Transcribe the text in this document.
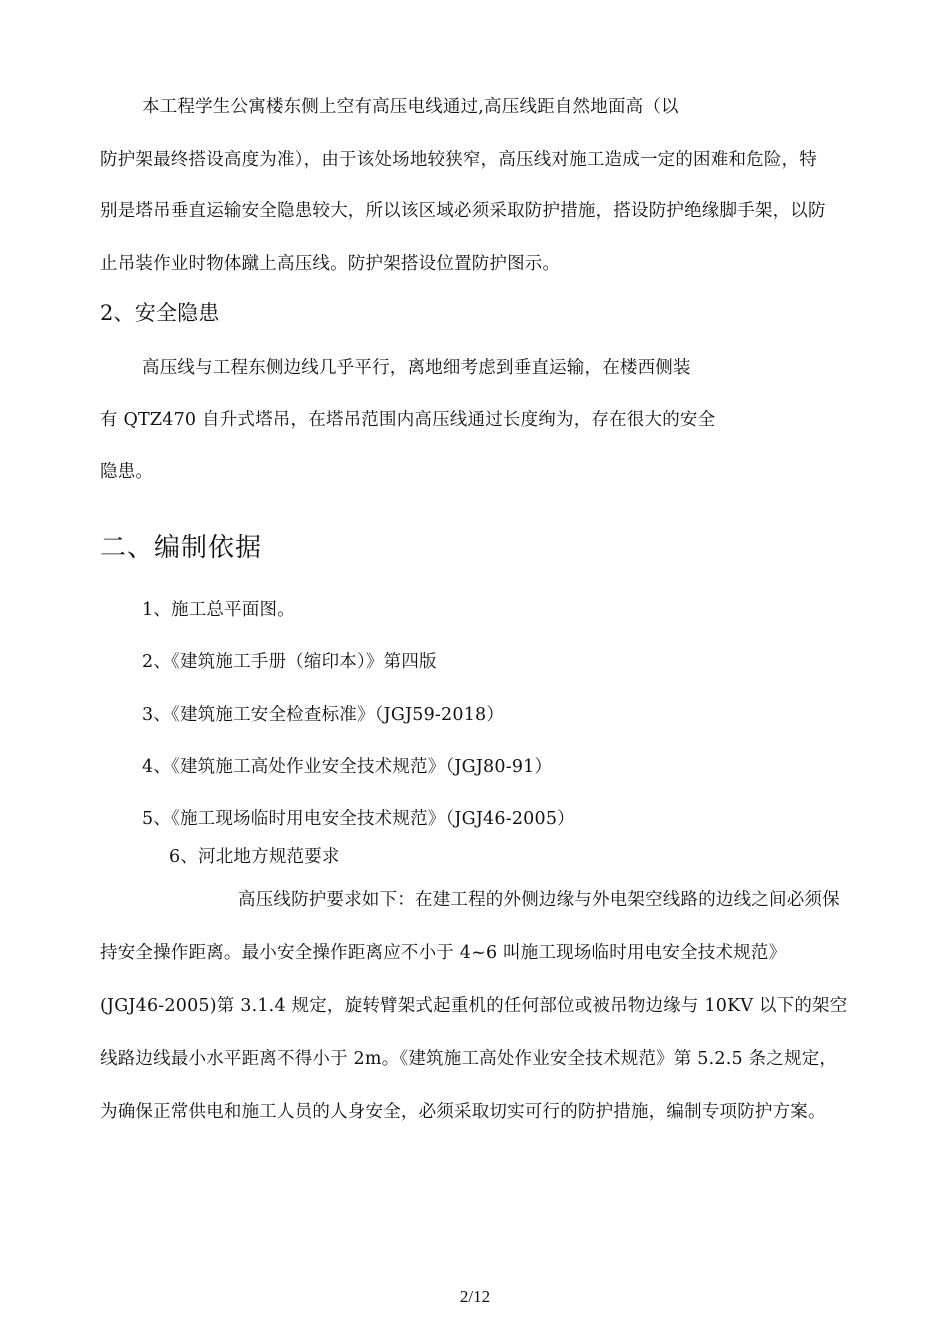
本工程学生公寓楼东侧上空有高压电线通过,高压线距自然地面高（以
防护架最终搭设高度为准），由于该处场地较狭窄，高压线对施工造成一定的困难和危险，特
别是塔吊垂直运输安全隐患较大，所以该区域必须采取防护措施，搭设防护绝缘脚手架，以防
止吊装作业时物体蹴上高压线。防护架搭设位置防护图示。
2、安全隐患
高压线与工程东侧边线几乎平行，离地细考虑到垂直运输，在楼西侧装
有 QTZ470 自升式塔吊，在塔吊范围内高压线通过长度绚为，存在很大的安全
隐患。
二、编制依据
1、施工总平面图。
2、《建筑施工手册（缩印本）》第四版
3、《建筑施工安全检查标准》（JGJ59-2018）
4、《建筑施工高处作业安全技术规范》（JGJ80-91）
5、《施工现场临时用电安全技术规范》（JGJ46-2005）
6、河北地方规范要求
高压线防护要求如下：在建工程的外侧边缘与外电架空线路的边线之间必须保
持安全操作距离。最小安全操作距离应不小于 4~6 叫施工现场临时用电安全技术规范》
(JGJ46-2005)第 3.1.4 规定，旋转臂架式起重机的任何部位或被吊物边缘与 10KV 以下的架空
线路边线最小水平距离不得小于 2m。《建筑施工高处作业安全技术规范》第 5.2.5 条之规定，
为确保正常供电和施工人员的人身安全，必须采取切实可行的防护措施，编制专项防护方案。
2/12
